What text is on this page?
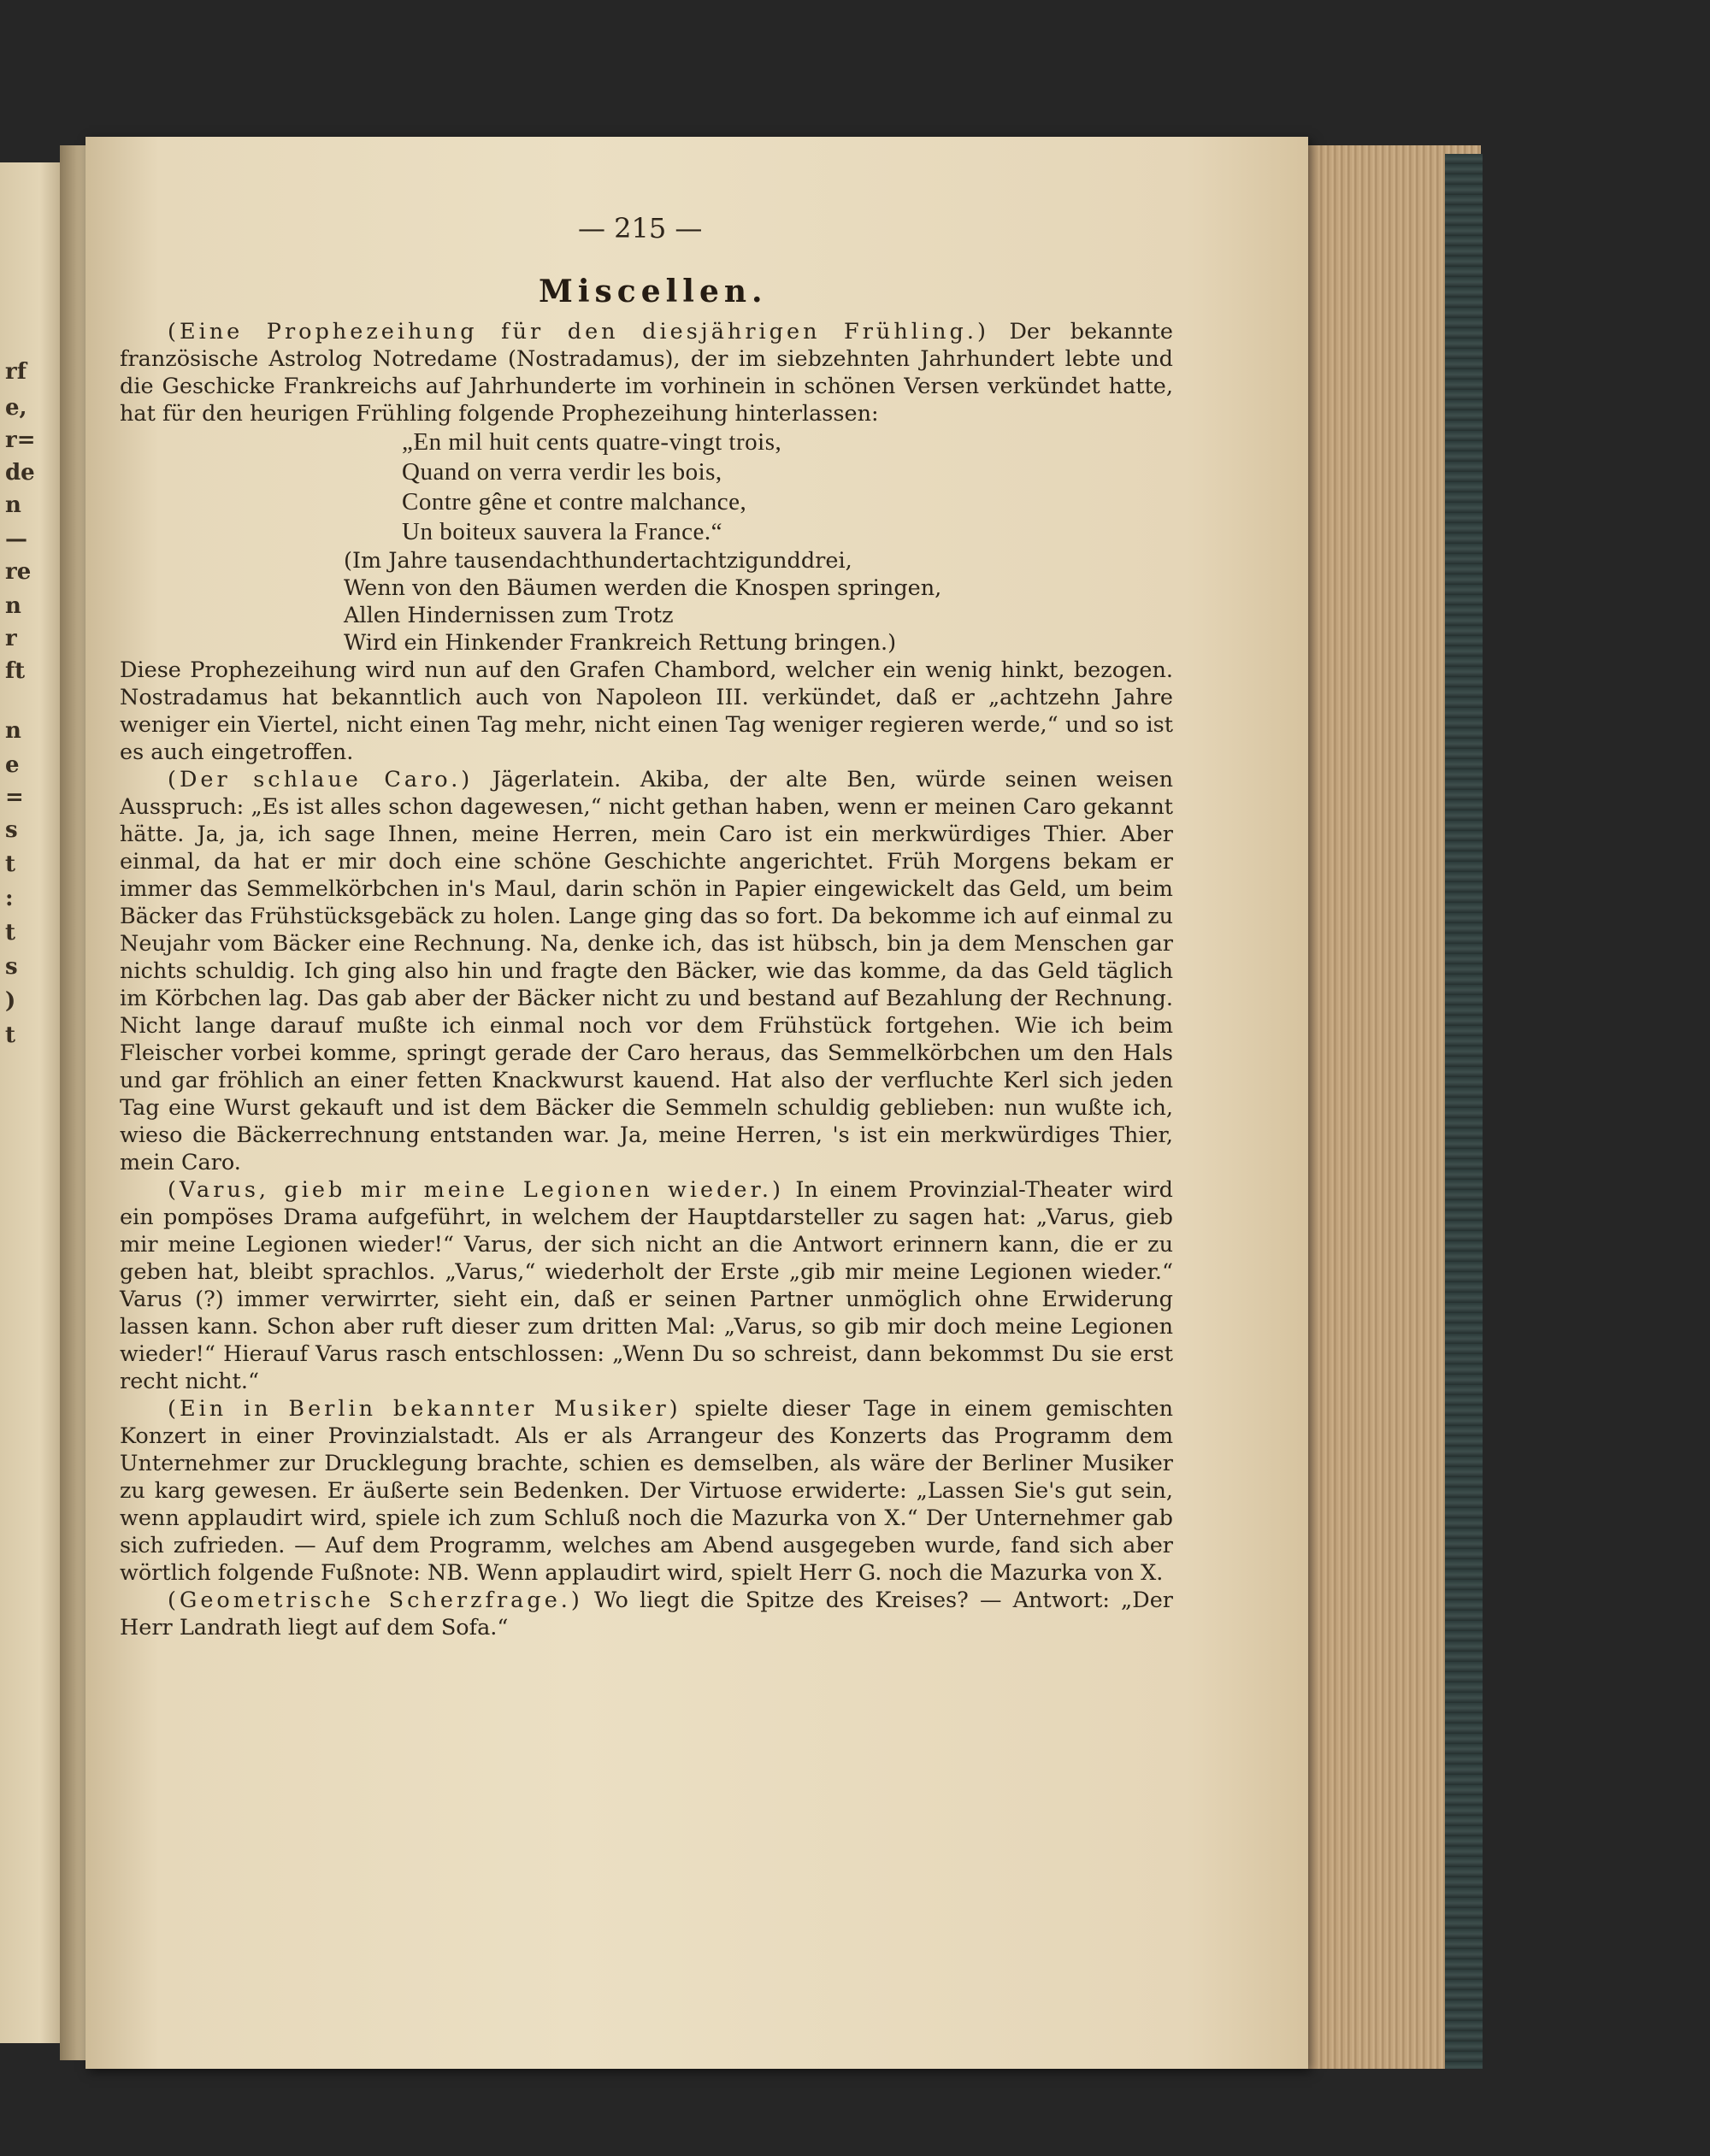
rf
e,
r=
de
n
—
re
n
r
ft
n
e
=
s
t
:
t
s
)
t
— 215 —
Miscellen.

(Eine Prophezeihung für den diesjährigen Frühling.) Der bekannte französische Astrolog Notredame (Nostradamus), der im siebzehnten Jahrhundert lebte und die Geschicke Frankreichs auf Jahrhunderte im vorhinein in schönen Versen verkündet hatte, hat für den heurigen Frühling folgende Prophezeihung hinterlassen:

„En mil huit cents quatre-vingt trois,
Quand on verra verdir les bois,
Contre gêne et contre malchance,
Un boiteux sauvera la France.“
(Im Jahre tausendachthundertachtzigunddrei,
Wenn von den Bäumen werden die Knospen springen,
Allen Hindernissen zum Trotz
Wird ein Hinkender Frankreich Rettung bringen.)

Diese Prophezeihung wird nun auf den Grafen Chambord, welcher ein wenig hinkt, bezogen. Nostradamus hat bekanntlich auch von Napoleon III. verkündet, daß er „achtzehn Jahre weniger ein Viertel, nicht einen Tag mehr, nicht einen Tag weniger regieren werde,“ und so ist es auch eingetroffen.

(Der schlaue Caro.) Jägerlatein. Akiba, der alte Ben, würde seinen weisen Ausspruch: „Es ist alles schon dagewesen,“ nicht gethan haben, wenn er meinen Caro gekannt hätte. Ja, ja, ich sage Ihnen, meine Herren, mein Caro ist ein merkwürdiges Thier. Aber einmal, da hat er mir doch eine schöne Geschichte angerichtet. Früh Morgens bekam er immer das Semmelkörbchen in's Maul, darin schön in Papier eingewickelt das Geld, um beim Bäcker das Frühstücksgebäck zu holen. Lange ging das so fort. Da bekomme ich auf einmal zu Neujahr vom Bäcker eine Rechnung. Na, denke ich, das ist hübsch, bin ja dem Menschen gar nichts schuldig. Ich ging also hin und fragte den Bäcker, wie das komme, da das Geld täglich im Körbchen lag. Das gab aber der Bäcker nicht zu und bestand auf Bezahlung der Rechnung. Nicht lange darauf mußte ich einmal noch vor dem Frühstück fortgehen. Wie ich beim Fleischer vorbei komme, springt gerade der Caro heraus, das Semmelkörbchen um den Hals und gar fröhlich an einer fetten Knackwurst kauend. Hat also der verfluchte Kerl sich jeden Tag eine Wurst gekauft und ist dem Bäcker die Semmeln schuldig geblieben: nun wußte ich, wieso die Bäckerrechnung entstanden war. Ja, meine Herren, 's ist ein merkwürdiges Thier, mein Caro.

(Varus, gieb mir meine Legionen wieder.) In einem Provinzial-Theater wird ein pompöses Drama aufgeführt, in welchem der Hauptdarsteller zu sagen hat: „Varus, gieb mir meine Legionen wieder!“ Varus, der sich nicht an die Antwort erinnern kann, die er zu geben hat, bleibt sprachlos. „Varus,“ wiederholt der Erste „gib mir meine Legionen wieder.“ Varus (?) immer verwirrter, sieht ein, daß er seinen Partner unmöglich ohne Erwiderung lassen kann. Schon aber ruft dieser zum dritten Mal: „Varus, so gib mir doch meine Legionen wieder!“ Hierauf Varus rasch entschlossen: „Wenn Du so schreist, dann bekommst Du sie erst recht nicht.“

(Ein in Berlin bekannter Musiker) spielte dieser Tage in einem gemischten Konzert in einer Provinzialstadt. Als er als Arrangeur des Konzerts das Programm dem Unternehmer zur Drucklegung brachte, schien es demselben, als wäre der Berliner Musiker zu karg gewesen. Er äußerte sein Bedenken. Der Virtuose erwiderte: „Lassen Sie's gut sein, wenn applaudirt wird, spiele ich zum Schluß noch die Mazurka von X.“ Der Unternehmer gab sich zufrieden. — Auf dem Programm, welches am Abend ausgegeben wurde, fand sich aber wörtlich folgende Fußnote: NB. Wenn applaudirt wird, spielt Herr G. noch die Mazurka von X.

(Geometrische Scherzfrage.) Wo liegt die Spitze des Kreises? — Antwort: „Der Herr Landrath liegt auf dem Sofa.“
